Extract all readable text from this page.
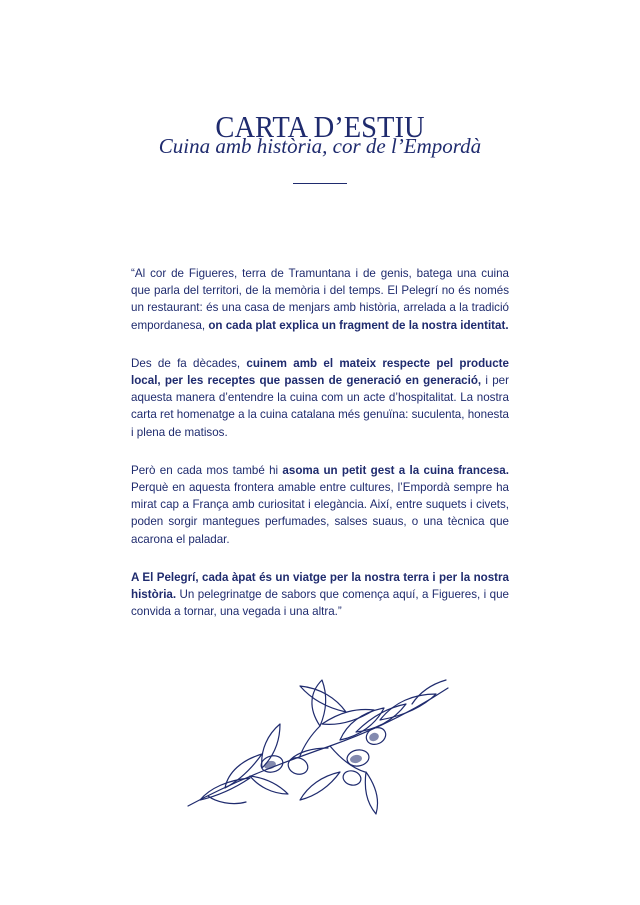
CARTA D’ESTIU
Cuina amb història, cor de l’Empordà

“Al cor de Figueres, terra de Tramuntana i de genis, batega una cuina que parla del territori, de la memòria i del temps. El Pelegrí no és només un restaurant: és una casa de menjars amb història, arrelada a la tradició empordanesa, on cada plat explica un fragment de la nostra identitat.

Des de fa dècades, cuinem amb el mateix respecte pel producte local, per les receptes que passen de generació en generació, i per aquesta manera d’entendre la cuina com un acte d’hospitalitat. La nostra carta ret homenatge a la cuina catalana més genuïna: suculenta, honesta i plena de matisos.

Però en cada mos també hi asoma un petit gest a la cuina francesa. Perquè en aquesta frontera amable entre cultures, l’Empordà sempre ha mirat cap a França amb curiositat i elegància. Així, entre suquets i civets, poden sorgir mantegues perfumades, salses suaus, o una tècnica que acarona el paladar.

A El Pelegrí, cada àpat és un viatge per la nostra terra i per la nostra història. Un pelegrinatge de sabors que comença aquí, a Figueres, i que convida a tornar, una vegada i una altra.”
